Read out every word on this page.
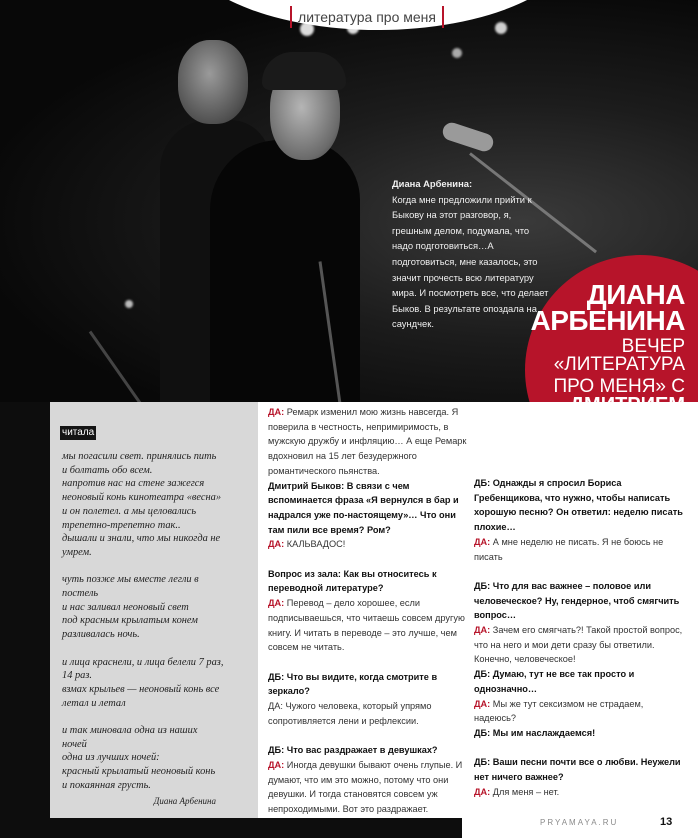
литература про меня
Диана Арбенина:
Когда мне предложили прийти к Быкову на этот разговор, я, грешным делом, подумала, что надо подготовиться…А подготовиться, мне казалось, это значит прочесть всю литературу мира. И посмотреть все, что делает Быков. В результате опоздала на саундчек.
ДИАНА
АРБЕНИНА
ВЕЧЕР «ЛИТЕРАТУРА
ПРО МЕНЯ» С
читала
мы погасили свет. принялись пить
и болтать обо всем.
напротив нас на стене зажегся
неоновый конь кинотеатра «весна»
и он полетел. а мы целовались
трепетно-трепетно так..
дышали и знали, что мы никогда не
умрем.
чуть позже мы вместе легли в
постель
и нас заливал неоновый свет
под красным крылатым конем
разливалась ночь.
и лица краснели, и лица белели 7 раз,
14 раз.
взмах крыльев — неоновый конь все
летал и летал
и так миновала одна из наших
ночей
одна из лучших ночей:
красный крылатый неоновый конь
и покаянная грусть.
Диана Арбенина
ДА: Ремарк изменил мою жизнь навсегда. Я поверила в честность, непримиримость, в мужскую дружбу и инфляцию… А еще Ремарк вдохновил на 15 лет безудержного романтического пьянства.
Дмитрий Быков: В связи с чем вспоминается фраза «Я вернулся в бар и надрался уже по-настоящему»… Что они там пили все время? Ром?
ДА: КАЛЬВАДОС!
Вопрос из зала: Как вы относитесь к переводной литературе?
ДА: Перевод – дело хорошее, если подписываешься, что читаешь совсем другую книгу. И читать в переводе – это лучше, чем совсем не читать.
ДБ: Что вы видите, когда смотрите в зеркало?
ДА: Чужого человека, который упрямо сопротивляется лени и рефлексии.
ДБ: Что вас раздражает в девушках?
ДА: Иногда девушки бывают очень глупые. И думают, что им это можно, потому что они девушки. И тогда становятся совсем уж непроходимыми. Вот это раздражает.
ДБ: Однажды я спросил Бориса Гребенщикова, что нужно, чтобы написать хорошую песню? Он ответил: неделю писать плохие…
ДА: А мне неделю не писать. Я не боюсь не писать
ДБ: Что для вас важнее – половое или человеческое? Ну, гендерное, чтоб смягчить вопрос…
ДА: Зачем его смягчать?! Такой простой вопрос, что на него и мои дети сразу бы ответили. Конечно, человеческое!
ДБ: Думаю, тут не все так просто и однозначно…
ДА: Мы же тут сексизмом не страдаем, надеюсь?
ДБ: Мы им наслаждаемся!
ДБ: Ваши песни почти все о любви. Неужели нет ничего важнее?
ДА: Для меня – нет.
PRYAMAYA.RU	13
